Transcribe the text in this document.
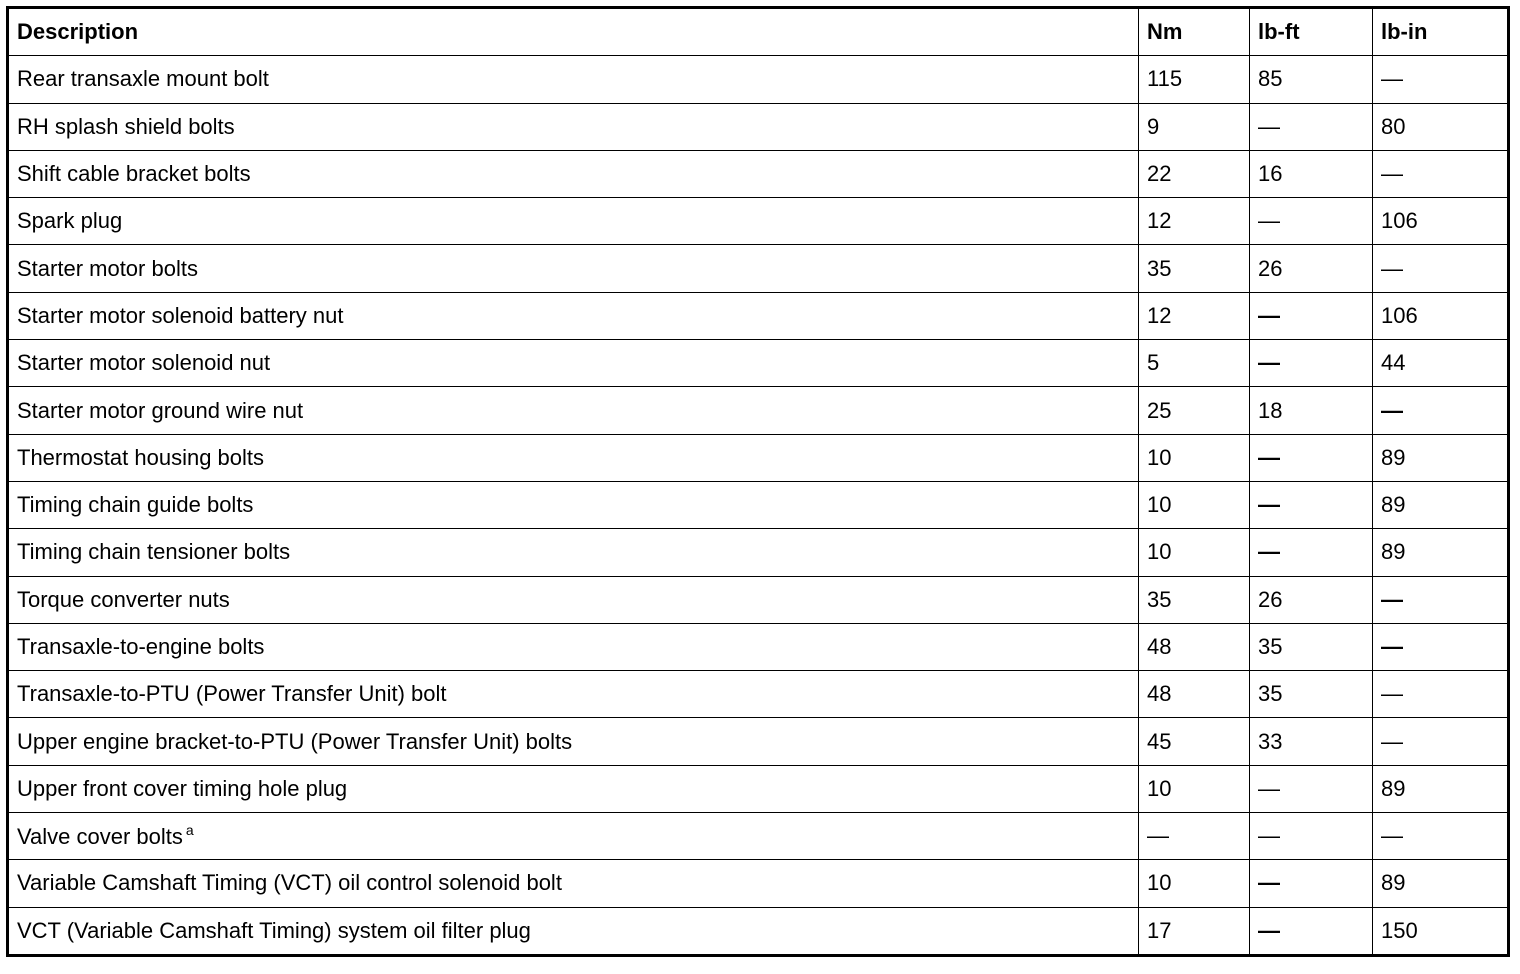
Description	Nm	lb-ft	lb-in
Rear transaxle mount bolt	115	85	—
RH splash shield bolts	9	—	80
Shift cable bracket bolts	22	16	—
Spark plug	12	—	106
Starter motor bolts	35	26	—
Starter motor solenoid battery nut	12	—	106
Starter motor solenoid nut	5	—	44
Starter motor ground wire nut	25	18	—
Thermostat housing bolts	10	—	89
Timing chain guide bolts	10	—	89
Timing chain tensioner bolts	10	—	89
Torque converter nuts	35	26	—
Transaxle-to-engine bolts	48	35	—
Transaxle-to-PTU (Power Transfer Unit) bolt	48	35	—
Upper engine bracket-to-PTU (Power Transfer Unit) bolts	45	33	—
Upper front cover timing hole plug	10	—	89
Valve cover bolts $^a$	—	—	—
Variable Camshaft Timing (VCT) oil control solenoid bolt	10	—	89
VCT (Variable Camshaft Timing) system oil filter plug	17	—	150
